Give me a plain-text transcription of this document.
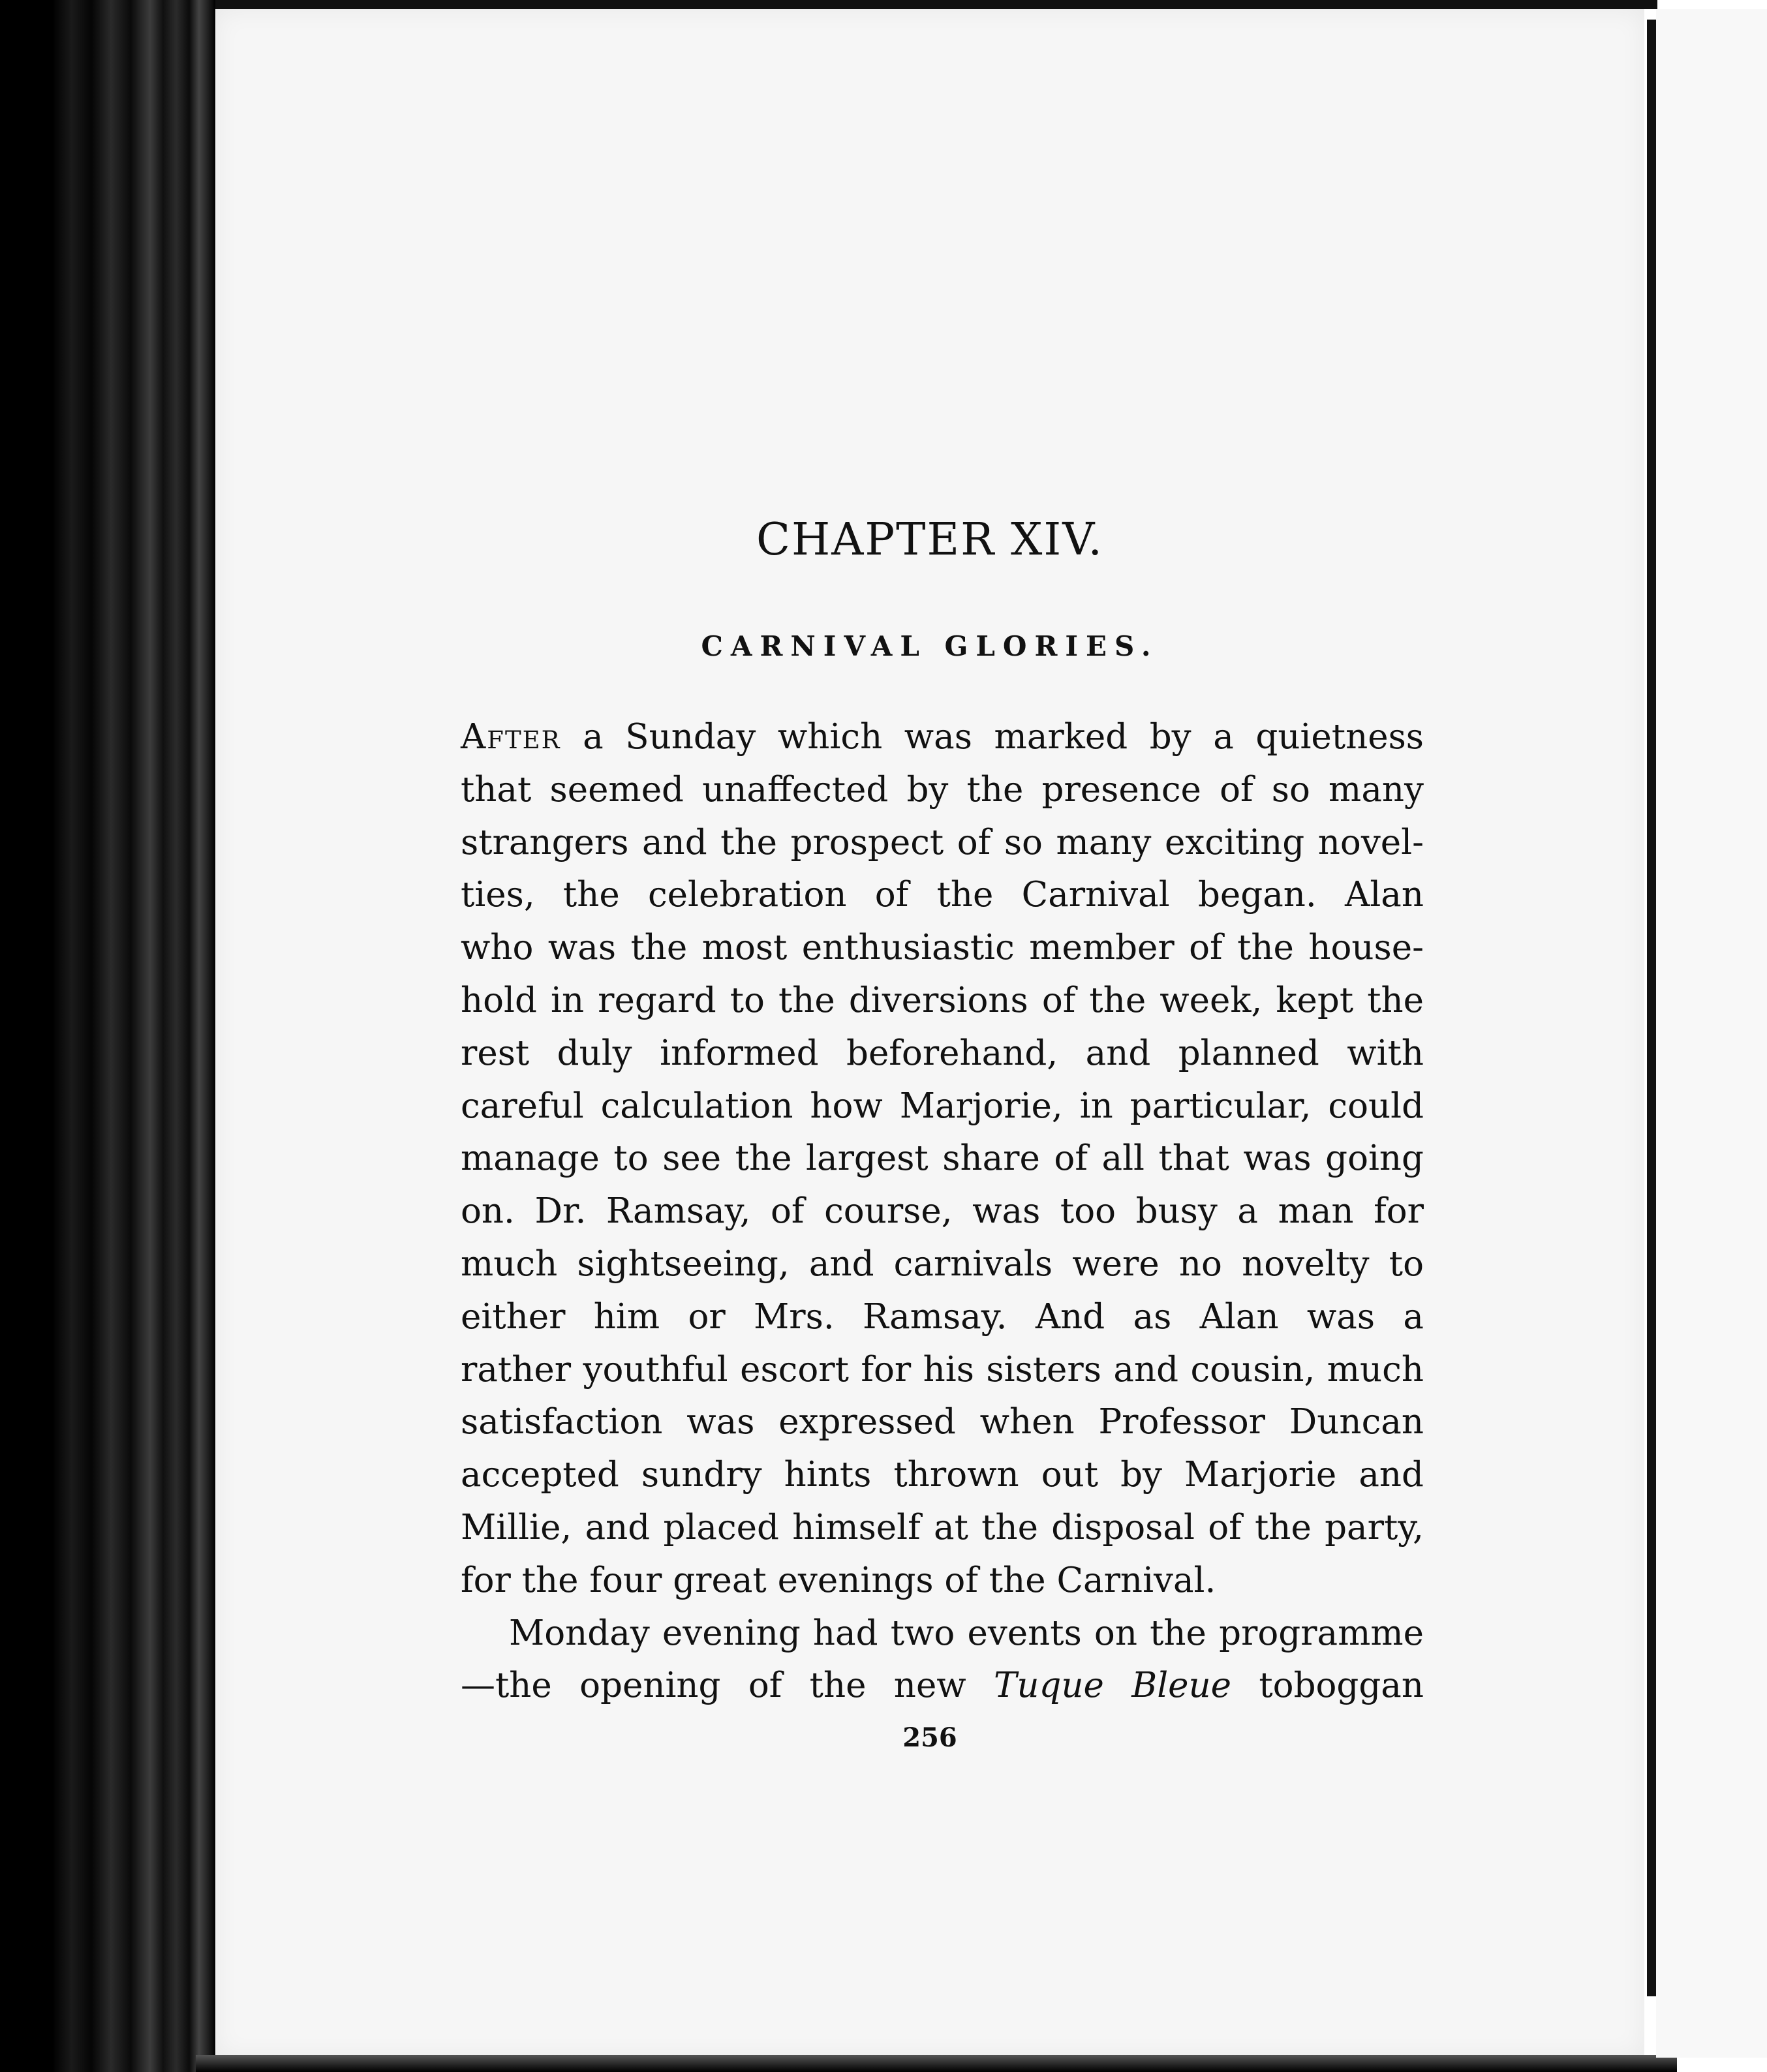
CHAPTER XIV.
CARNIVAL GLORIES.
After a Sunday which was marked by a quietness
that seemed unaffected by the presence of so many
strangers and the prospect of so many exciting novel-
ties, the celebration of the Carnival began. Alan
who was the most enthusiastic member of the house-
hold in regard to the diversions of the week, kept the
rest duly informed beforehand, and planned with
careful calculation how Marjorie, in particular, could
manage to see the largest share of all that was going
on. Dr. Ramsay, of course, was too busy a man for
much sightseeing, and carnivals were no novelty to
either him or Mrs. Ramsay. And as Alan was a
rather youthful escort for his sisters and cousin, much
satisfaction was expressed when Professor Duncan
accepted sundry hints thrown out by Marjorie and
Millie, and placed himself at the disposal of the party,
for the four great evenings of the Carnival.
Monday evening had two events on the programme
—the opening of the new Tuque Bleue toboggan
256
